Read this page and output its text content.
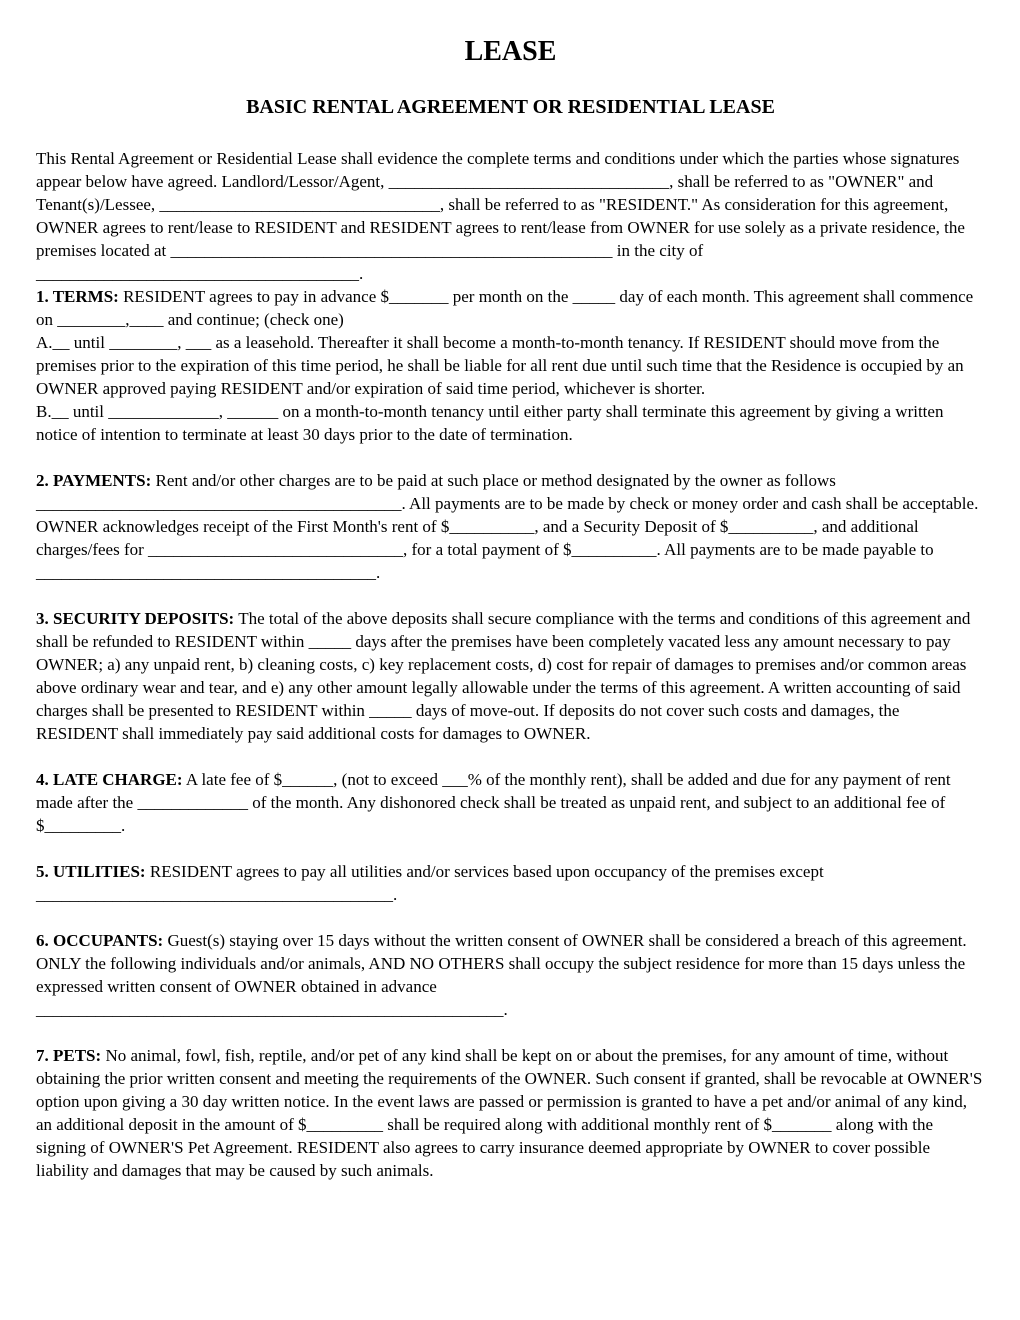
LEASE
BASIC RENTAL AGREEMENT OR RESIDENTIAL LEASE

This Rental Agreement or Residential Lease shall evidence the complete terms and conditions under which the parties whose signatures appear below have agreed. Landlord/Lessor/Agent, _________________________________, shall be referred to as "OWNER" and Tenant(s)/Lessee, _________________________________, shall be referred to as "RESIDENT." As consideration for this agreement, OWNER agrees to rent/lease to RESIDENT and RESIDENT agrees to rent/lease from OWNER for use solely as a private residence, the premises located at ____________________________________________________ in the city of ______________________________________.

1. TERMS: RESIDENT agrees to pay in advance $_______ per month on the _____ day of each month. This agreement shall commence on ________,____ and continue; (check one)

A.__ until ________, ___ as a leasehold. Thereafter it shall become a month-to-month tenancy. If RESIDENT should move from the premises prior to the expiration of this time period, he shall be liable for all rent due until such time that the Residence is occupied by an OWNER approved paying RESIDENT and/or expiration of said time period, whichever is shorter.

B.__ until _____________, ______ on a month-to-month tenancy until either party shall terminate this agreement by giving a written notice of intention to terminate at least 30 days prior to the date of termination.

2. PAYMENTS: Rent and/or other charges are to be paid at such place or method designated by the owner as follows ___________________________________________. All payments are to be made by check or money order and cash shall be acceptable. OWNER acknowledges receipt of the First Month's rent of $__________, and a Security Deposit of $__________, and additional charges/fees for ______________________________, for a total payment of $__________. All payments are to be made payable to ________________________________________.

3. SECURITY DEPOSITS: The total of the above deposits shall secure compliance with the terms and conditions of this agreement and shall be refunded to RESIDENT within _____ days after the premises have been completely vacated less any amount necessary to pay OWNER; a) any unpaid rent, b) cleaning costs, c) key replacement costs, d) cost for repair of damages to premises and/or common areas above ordinary wear and tear, and e) any other amount legally allowable under the terms of this agreement. A written accounting of said charges shall be presented to RESIDENT within _____ days of move-out. If deposits do not cover such costs and damages, the RESIDENT shall immediately pay said additional costs for damages to OWNER.

4. LATE CHARGE: A late fee of $______, (not to exceed ___% of the monthly rent), shall be added and due for any payment of rent made after the _____________ of the month. Any dishonored check shall be treated as unpaid rent, and subject to an additional fee of $_________.

5. UTILITIES: RESIDENT agrees to pay all utilities and/or services based upon occupancy of the premises except

__________________________________________.

6. OCCUPANTS: Guest(s) staying over 15 days without the written consent of OWNER shall be considered a breach of this agreement. ONLY the following individuals and/or animals, AND NO OTHERS shall occupy the subject residence for more than 15 days unless the expressed written consent of OWNER obtained in advance

_______________________________________________________.

7. PETS: No animal, fowl, fish, reptile, and/or pet of any kind shall be kept on or about the premises, for any amount of time, without obtaining the prior written consent and meeting the requirements of the OWNER. Such consent if granted, shall be revocable at OWNER'S option upon giving a 30 day written notice. In the event laws are passed or permission is granted to have a pet and/or animal of any kind, an additional deposit in the amount of $_________ shall be required along with additional monthly rent of $_______ along with the signing of OWNER'S Pet Agreement. RESIDENT also agrees to carry insurance deemed appropriate by OWNER to cover possible liability and damages that may be caused by such animals.
